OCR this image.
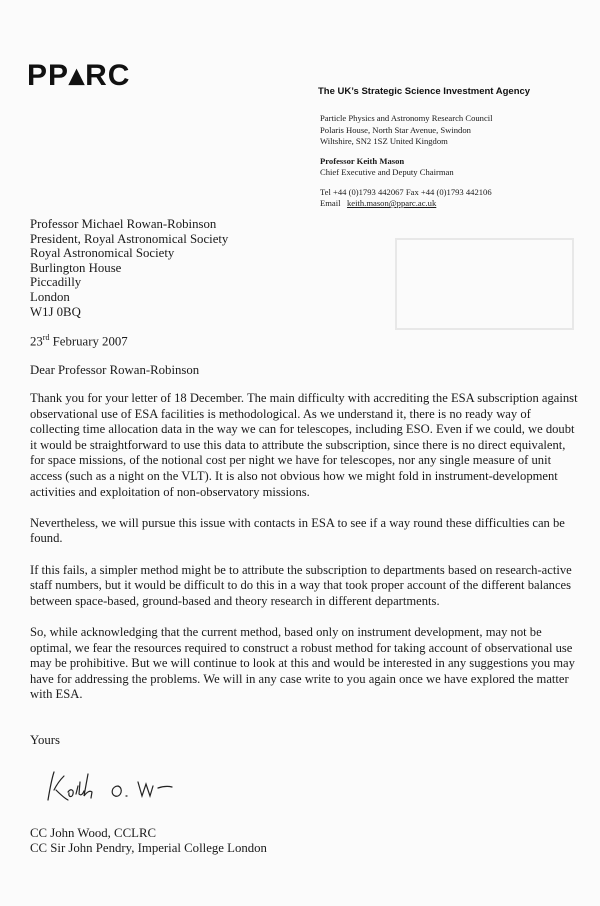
PP▴RC	The UK’s Strategic Science Investment Agency
Particle Physics and Astronomy Research Council
Polaris House, North Star Avenue, Swindon
Wiltshire, SN2 1SZ United Kingdom
Professor Keith Mason
Chief Executive and Deputy Chairman
Tel +44 (0)1793 442067 Fax +44 (0)1793 442106
Email keith.mason@pparc.ac.uk
Professor Michael Rowan-Robinson
President, Royal Astronomical Society
Royal Astronomical Society
Burlington House
Piccadilly
London
W1J 0BQ
23rd February 2007
Dear Professor Rowan-Robinson

Thank you for your letter of 18 December. The main difficulty with accrediting the ESA subscription against observational use of ESA facilities is methodological. As we understand it, there is no ready way of collecting time allocation data in the way we can for telescopes, including ESO. Even if we could, we doubt it would be straightforward to use this data to attribute the subscription, since there is no direct equivalent, for space missions, of the notional cost per night we have for telescopes, nor any single measure of unit access (such as a night on the VLT). It is also not obvious how we might fold in instrument-development activities and exploitation of non-observatory missions.

Nevertheless, we will pursue this issue with contacts in ESA to see if a way round these difficulties can be found.

If this fails, a simpler method might be to attribute the subscription to departments based on research-active staff numbers, but it would be difficult to do this in a way that took proper account of the different balances between space-based, ground-based and theory research in different departments.

So, while acknowledging that the current method, based only on instrument development, may not be optimal, we fear the resources required to construct a robust method for taking account of observational use may be prohibitive. But we will continue to look at this and would be interested in any suggestions you may have for addressing the problems. We will in any case write to you again once we have explored the matter with ESA.

Yours
CC John Wood, CCLRC
CC Sir John Pendry, Imperial College London
